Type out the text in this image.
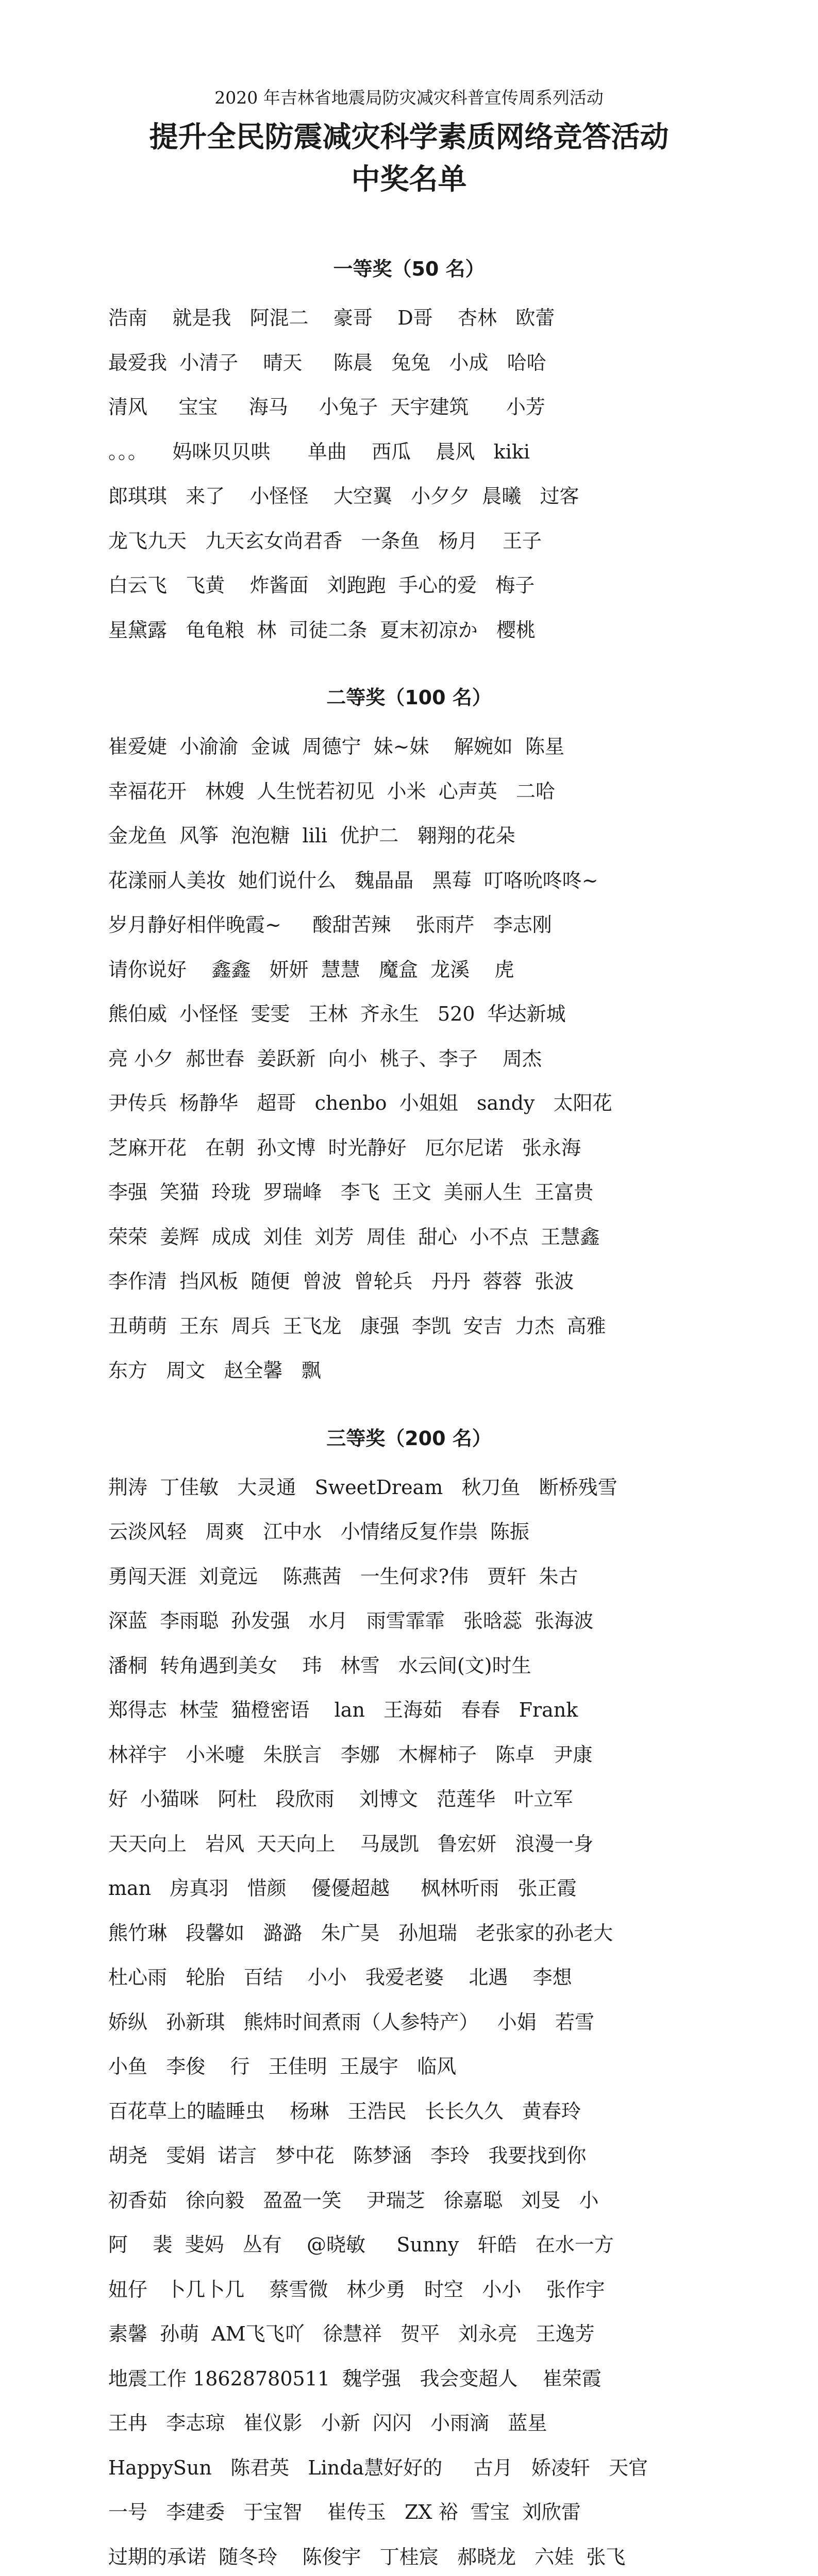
2020 年吉林省地震局防灾减灾科普宣传周系列活动

提升全民防震减灾科学素质网络竞答活动
中奖名单
一等奖（50 名）

浩南    就是我   阿混二    豪哥    D哥    杏林   欧蕾

最爱我  小清子    晴天     陈晨   兔兔   小成   哈哈

清风     宝宝     海马     小兔子  天宇建筑      小芳

。。。    妈咪贝贝哄      单曲    西瓜    晨风   kiki

郎琪琪   来了    小怪怪    大空翼   小夕夕  晨曦   过客

龙飞九天   九天玄女尚君香   一条鱼   杨月    王子

白云飞   飞黄    炸酱面   刘跑跑  手心的爱   梅子

星黛露   龟龟粮  林  司徒二条  夏末初凉か   樱桃

二等奖（100 名）

崔爱婕  小渝渝  金诚  周德宁  妹~妹    解婉如  陈星

幸福花开   林嫂  人生恍若初见  小米  心声英   二哈

金龙鱼  风筝  泡泡糖  lili  优护二   翱翔的花朵

花漾丽人美妆  她们说什么   魏晶晶   黑莓  叮咯吮咚咚~

岁月静好相伴晚霞~     酸甜苦辣    张雨芹   李志刚

请你说好    鑫鑫   妍妍  慧慧   魔盒  龙溪    虎

熊伯威  小怪怪  雯雯   王林  齐永生   520  华达新城

亮 小夕  郝世春  姜跃新  向小  桃子、李子    周杰

尹传兵  杨静华   超哥   chenbo  小姐姐   sandy   太阳花

芝麻开花   在朝  孙文博  时光静好   厄尔尼诺   张永海

李强  笑猫  玲珑  罗瑞峰   李飞  王文  美丽人生  王富贵

荣荣  姜辉  成成  刘佳  刘芳  周佳  甜心  小不点  王慧鑫

李作清  挡风板  随便  曾波  曾轮兵   丹丹  蓉蓉  张波

丑萌萌  王东  周兵  王飞龙   康强  李凯  安吉  力杰  高雅

东方   周文   赵全馨   飘

三等奖（200 名）

荆涛  丁佳敏   大灵通   SweetDream   秋刀鱼   断桥残雪

云淡风轻   周爽   江中水   小情绪反复作祟  陈振

勇闯天涯  刘竟远    陈燕茜   一生何求?伟   贾轩  朱古

深蓝  李雨聪  孙发强   水月   雨雪霏霏   张晗蕊  张海波

潘桐  转角遇到美女    玮   林雪   水云间(文)时生

郑得志  林莹  猫橙密语    lan   王海茹   春春   Frank

林祥宇   小米嚏   朱朕言   李娜   木樨柿子   陈卓   尹康

好  小猫咪   阿杜   段欣雨    刘博文   范莲华   叶立军

天天向上   岩风  天天向上    马晟凯   鲁宏妍   浪漫一身

man   房真羽   惜颜    優優超越     枫林听雨   张正霞

熊竹琳   段馨如   潞潞   朱广昊   孙旭瑞   老张家的孙老大

杜心雨   轮胎   百结    小小   我爱老婆    北遇    李想

娇纵   孙新琪   熊炜时间煮雨（人参特产）   小娟   若雪

小鱼   李俊    行   王佳明  王晟宇   临风

百花草上的瞌睡虫    杨琳   王浩民   长长久久   黄春玲

胡尧   雯娟  诺言   梦中花   陈梦涵   李玲   我要找到你

初香茹   徐向毅   盈盈一笑    尹瑞芝   徐嘉聪   刘旻   小

阿    裴  斐妈   丛有    @晓敏     Sunny   轩皓   在水一方

妞仔   卜几卜几    蔡雪微   林少勇   时空   小小    张作宇

素馨  孙萌  AM飞飞吖   徐慧祥   贺平   刘永亮   王逸芳

地震工作 18628780511  魏学强   我会变超人    崔荣霞

王冉   李志琼   崔仪影   小新  闪闪   小雨滴   蓝星

HappySun   陈君英   Linda慧好好的     古月   娇凌轩   天官

一号   李建委   于宝智    崔传玉   ZX 裕  雪宝  刘欣雷

过期的承诺  随冬玲    陈俊宇   丁桂宸   郝晓龙   六娃  张飞
